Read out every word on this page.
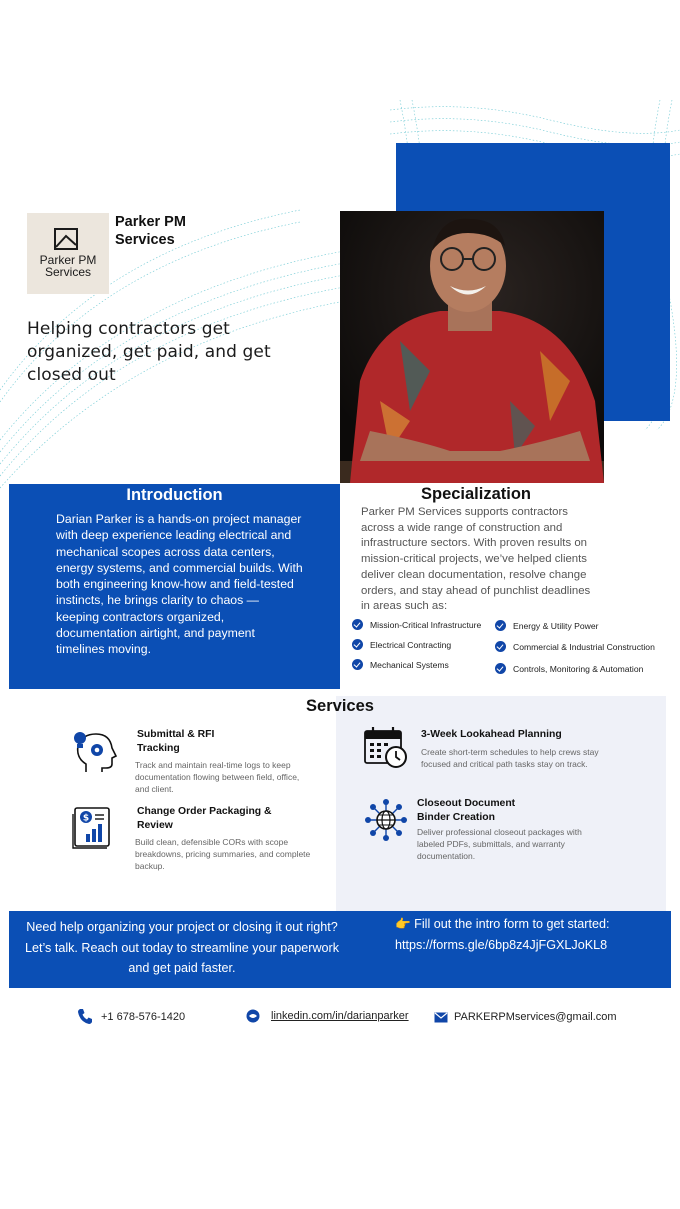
Parker PM
Services
Parker PM
Services
Helping contractors get organized, get paid, and get closed out
Introduction
Darian Parker is a hands-on project manager with deep experience leading electrical and mechanical scopes across data centers, energy systems, and commercial builds. With both engineering know-how and field-tested instincts, he brings clarity to chaos — keeping contractors organized, documentation airtight, and payment timelines moving.
Specialization
Parker PM Services supports contractors across a wide range of construction and infrastructure sectors. With proven results on mission-critical projects, we’ve helped clients deliver clean documentation, resolve change orders, and stay ahead of punchlist deadlines in areas such as:
Mission-Critical Infrastructure
Electrical Contracting
Mechanical Systems
Energy & Utility Power
Commercial & Industrial Construction
Controls, Monitoring & Automation
Services
Submittal & RFI
Tracking
Track and maintain real-time logs to keep documentation flowing between field, office, and client.
$
Change Order Packaging &
Review
Build clean, defensible CORs with scope breakdowns, pricing summaries, and complete backup.
3-Week Lookahead Planning
Create short-term schedules to help crews stay focused and critical path tasks stay on track.
Closeout Document
Binder Creation
Deliver professional closeout packages with labeled PDFs, submittals, and warranty documentation.
Need help organizing your project or closing it out right?
Let’s talk. Reach out today to streamline your paperwork
and get paid faster.
👉 Fill out the intro form to get started:
https://forms.gle/6bp8z4JjFGXLJoKL8
+1 678-576-1420	linkedin.com/in/darianparker	PARKERPMservices@gmail.com
